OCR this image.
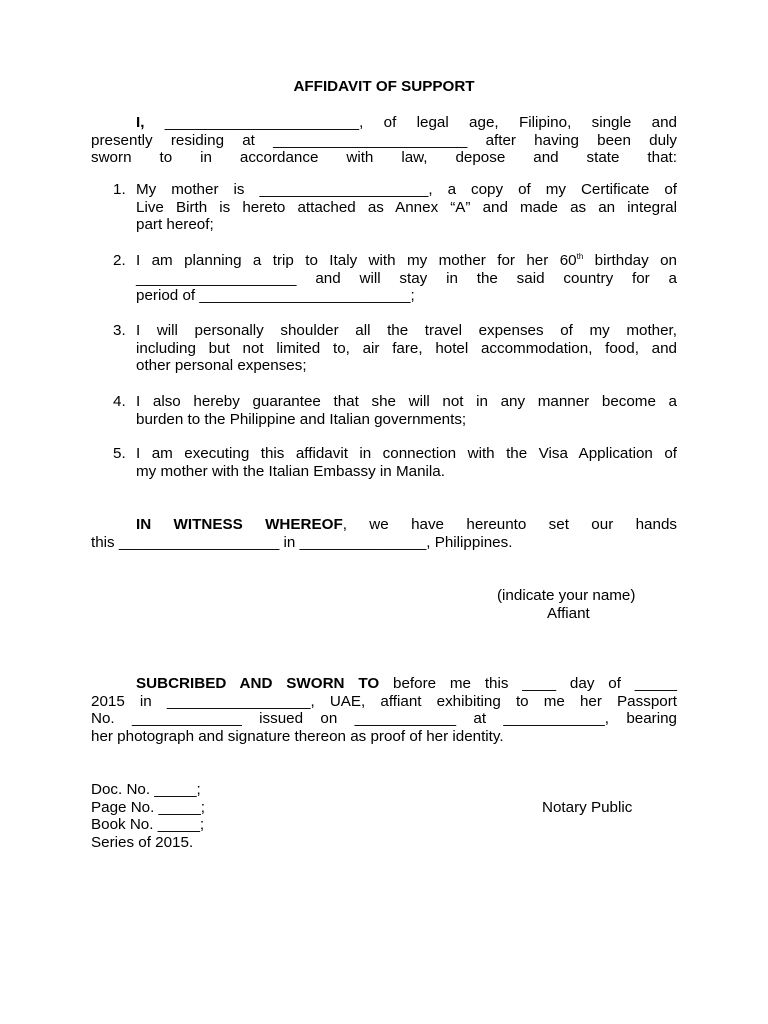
AFFIDAVIT OF SUPPORT
I, _______________________, of legal age, Filipino, single and
presently residing at _______________________ after having been duly
sworn to in accordance with law, depose and state that:
1. My mother is ____________________, a copy of my Certificate of
Live Birth is hereto attached as Annex “A” and made as an integral
part hereof;
2. I am planning a trip to Italy with my mother for her 60th birthday on
___________________ and will stay in the said country for a
period of _________________________;
3. I will personally shoulder all the travel expenses of my mother,
including but not limited to, air fare, hotel accommodation, food, and
other personal expenses;
4. I also hereby guarantee that she will not in any manner become a
burden to the Philippine and Italian governments;
5. I am executing this affidavit in connection with the Visa Application of
my mother with the Italian Embassy in Manila.
IN WITNESS WHEREOF, we have hereunto set our hands
this ___________________ in _______________, Philippines.
(indicate your name)
Affiant
SUBCRIBED AND SWORN TO before me this ____ day of _____
2015 in _________________, UAE, affiant exhibiting to me her Passport
No. _____________ issued on ____________ at ____________, bearing
her photograph and signature thereon as proof of her identity.
Doc. No. _____;
Page No. _____;
Book No. _____;
Series of 2015.
Notary Public
